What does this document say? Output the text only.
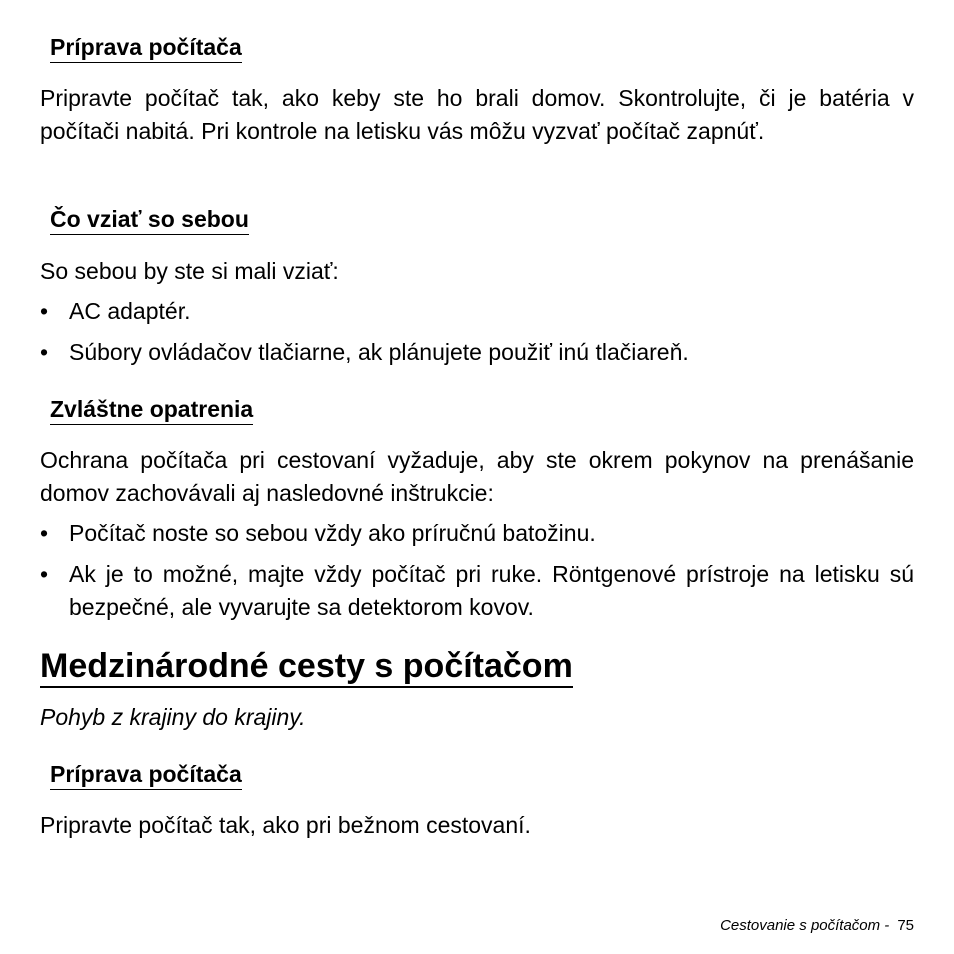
Príprava počítača

Pripravte počítač tak, ako keby ste ho brali domov. Skontrolujte, či je batéria v počítači nabitá. Pri kontrole na letisku vás môžu vyzvať počítač zapnúť.

Čo vziať so sebou

So sebou by ste si mali vziať:

• AC adaptér.
• Súbory ovládačov tlačiarne, ak plánujete použiť inú tlačiareň.
Zvláštne opatrenia

Ochrana počítača pri cestovaní vyžaduje, aby ste okrem pokynov na prenášanie domov zachovávali aj nasledovné inštrukcie:

• Počítač noste so sebou vždy ako príručnú batožinu.
• Ak je to možné, majte vždy počítač pri ruke. Röntgenové prístroje na letisku sú bezpečné, ale vyvarujte sa detektorom kovov.
Medzinárodné cesty s počítačom

Pohyb z krajiny do krajiny.

Príprava počítača

Pripravte počítač tak, ako pri bežnom cestovaní.

Cestovanie s počítačom - 75
